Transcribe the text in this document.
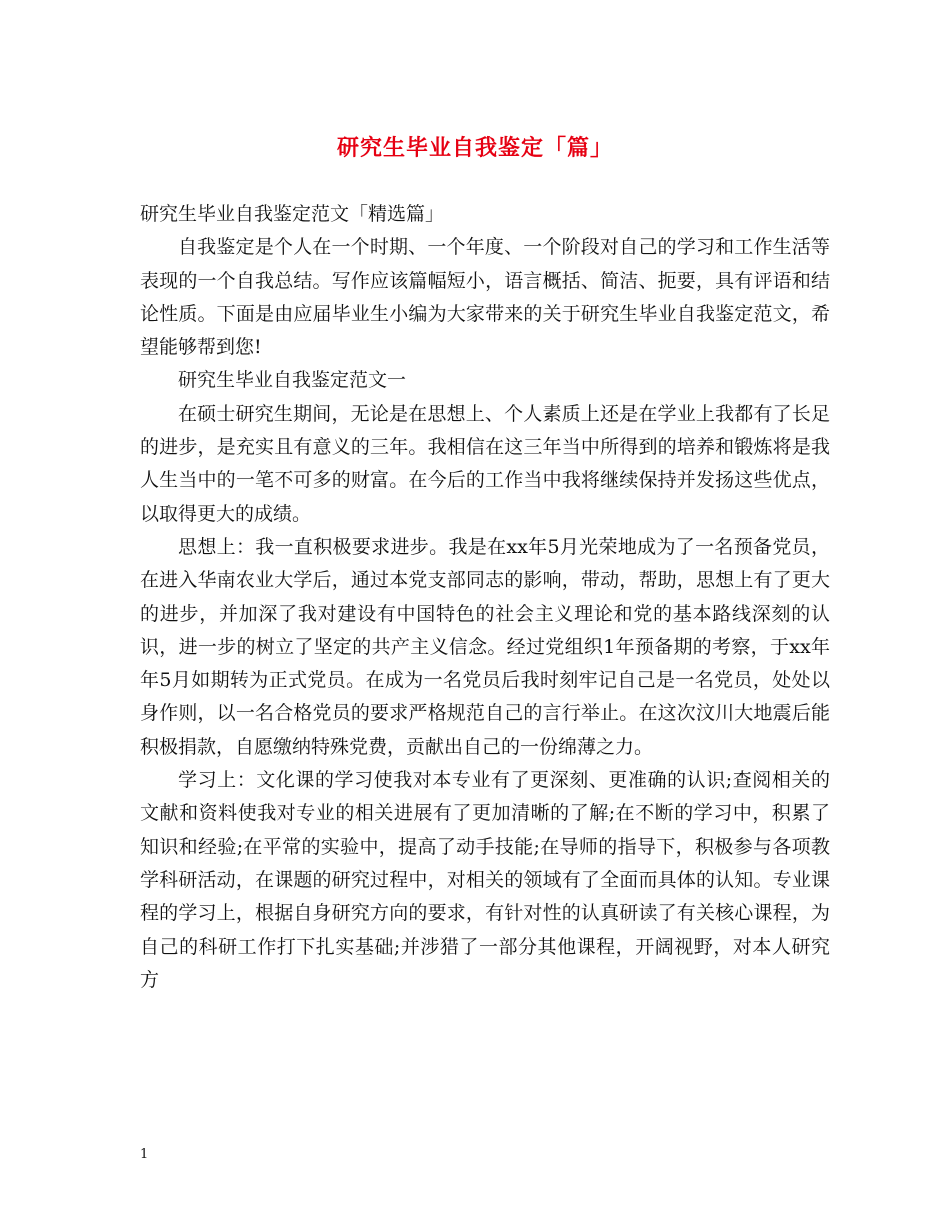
研究生毕业自我鉴定「篇」

研究生毕业自我鉴定范文「精选篇」

自我鉴定是个人在一个时期、一个年度、一个阶段对自己的学习和工作生活等表现的一个自我总结。写作应该篇幅短小，语言概括、简洁、扼要，具有评语和结论性质。下面是由应届毕业生小编为大家带来的关于研究生毕业自我鉴定范文，希望能够帮到您!

研究生毕业自我鉴定范文一

在硕士研究生期间，无论是在思想上、个人素质上还是在学业上我都有了长足的进步，是充实且有意义的三年。我相信在这三年当中所得到的培养和锻炼将是我人生当中的一笔不可多的财富。在今后的工作当中我将继续保持并发扬这些优点，以取得更大的成绩。

思想上：我一直积极要求进步。我是在xx年5月光荣地成为了一名预备党员，在进入华南农业大学后，通过本党支部同志的影响，带动，帮助，思想上有了更大的进步，并加深了我对建设有中国特色的社会主义理论和党的基本路线深刻的认识，进一步的树立了坚定的共产主义信念。经过党组织1年预备期的考察，于xx年年5月如期转为正式党员。在成为一名党员后我时刻牢记自己是一名党员，处处以身作则，以一名合格党员的要求严格规范自己的言行举止。在这次汶川大地震后能积极捐款，自愿缴纳特殊党费，贡献出自己的一份绵薄之力。

学习上：文化课的学习使我对本专业有了更深刻、更准确的认识;查阅相关的文献和资料使我对专业的相关进展有了更加清晰的了解;在不断的学习中，积累了知识和经验;在平常的实验中，提高了动手技能;在导师的指导下，积极参与各项教学科研活动，在课题的研究过程中，对相关的领域有了全面而具体的认知。专业课程的学习上，根据自身研究方向的要求，有针对性的认真研读了有关核心课程，为自己的科研工作打下扎实基础;并涉猎了一部分其他课程，开阔视野，对本人研究方

1
